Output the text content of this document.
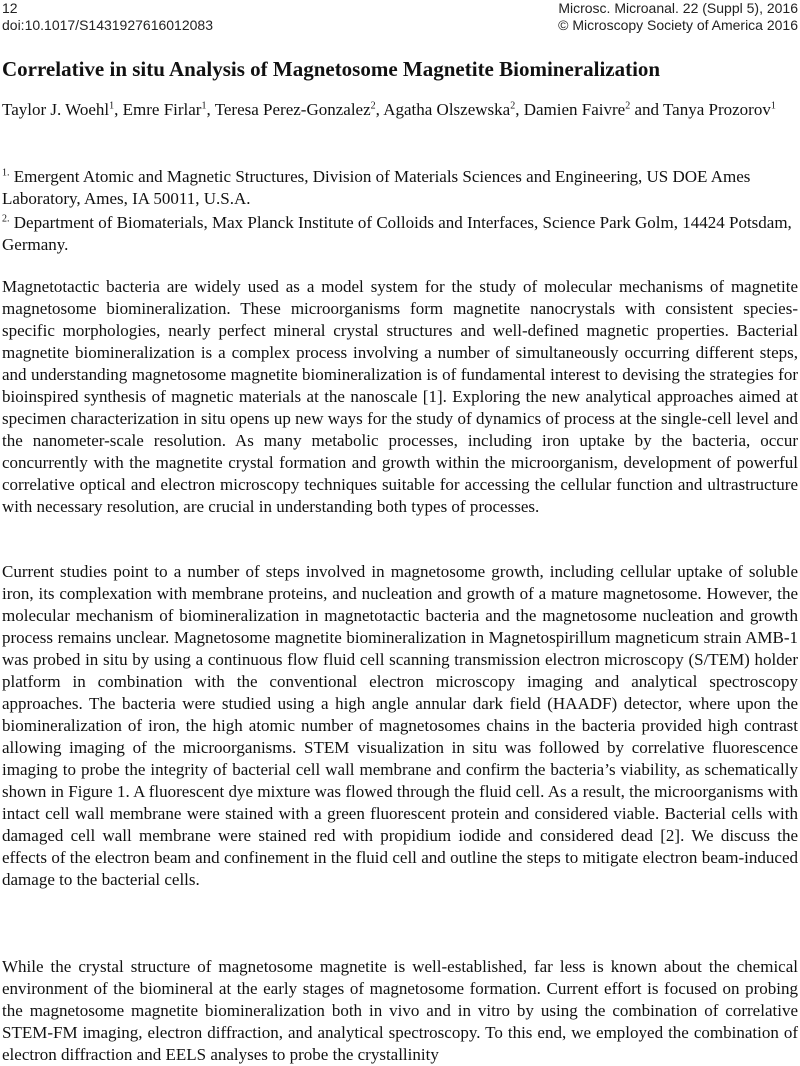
12	Microsc. Microanal. 22 (Suppl 5), 2016
doi:10.1017/S1431927616012083	© Microscopy Society of America 2016
Correlative in situ Analysis of Magnetosome Magnetite Biomineralization

Taylor J. Woehl$^1$, Emre Firlar$^1$, Teresa Perez-Gonzalez$^2$, Agatha Olszewska$^2$, Damien Faivre$^2$ and Tanya Prozorov$^1$

$^{1.}$ Emergent Atomic and Magnetic Structures, Division of Materials Sciences and Engineering, US DOE Ames Laboratory, Ames, IA 50011, U.S.A.

$^{2.}$ Department of Biomaterials, Max Planck Institute of Colloids and Interfaces, Science Park Golm, 14424 Potsdam, Germany.

Magnetotactic bacteria are widely used as a model system for the study of molecular mechanisms of magnetite magnetosome biomineralization. These microorganisms form magnetite nanocrystals with consistent species-specific morphologies, nearly perfect mineral crystal structures and well-defined magnetic properties. Bacterial magnetite biomineralization is a complex process involving a number of simultaneously occurring different steps, and understanding magnetosome magnetite biomineralization is of fundamental interest to devising the strategies for bioinspired synthesis of magnetic materials at the nanoscale [1]. Exploring the new analytical approaches aimed at specimen characterization in situ opens up new ways for the study of dynamics of process at the single-cell level and the nanometer-scale resolution. As many metabolic processes, including iron uptake by the bacteria, occur concurrently with the magnetite crystal formation and growth within the microorganism, development of powerful correlative optical and electron microscopy techniques suitable for accessing the cellular function and ultrastructure with necessary resolution, are crucial in understanding both types of processes.

Current studies point to a number of steps involved in magnetosome growth, including cellular uptake of soluble iron, its complexation with membrane proteins, and nucleation and growth of a mature magnetosome. However, the molecular mechanism of biomineralization in magnetotactic bacteria and the magnetosome nucleation and growth process remains unclear. Magnetosome magnetite biomineralization in Magnetospirillum magneticum strain AMB-1 was probed in situ by using a continuous flow fluid cell scanning transmission electron microscopy (S/TEM) holder platform in combination with the conventional electron microscopy imaging and analytical spectroscopy approaches. The bacteria were studied using a high angle annular dark field (HAADF) detector, where upon the biomineralization of iron, the high atomic number of magnetosomes chains in the bacteria provided high contrast allowing imaging of the microorganisms. STEM visualization in situ was followed by correlative fluorescence imaging to probe the integrity of bacterial cell wall membrane and confirm the bacteria’s viability, as schematically shown in Figure 1. A fluorescent dye mixture was flowed through the fluid cell. As a result, the microorganisms with intact cell wall membrane were stained with a green fluorescent protein and considered viable. Bacterial cells with damaged cell wall membrane were stained red with propidium iodide and considered dead [2]. We discuss the effects of the electron beam and confinement in the fluid cell and outline the steps to mitigate electron beam-induced damage to the bacterial cells.

While the crystal structure of magnetosome magnetite is well-established, far less is known about the chemical environment of the biomineral at the early stages of magnetosome formation. Current effort is focused on probing the magnetosome magnetite biomineralization both in vivo and in vitro by using the combination of correlative STEM-FM imaging, electron diffraction, and analytical spectroscopy. To this end, we employed the combination of electron diffraction and EELS analyses to probe the crystallinity
